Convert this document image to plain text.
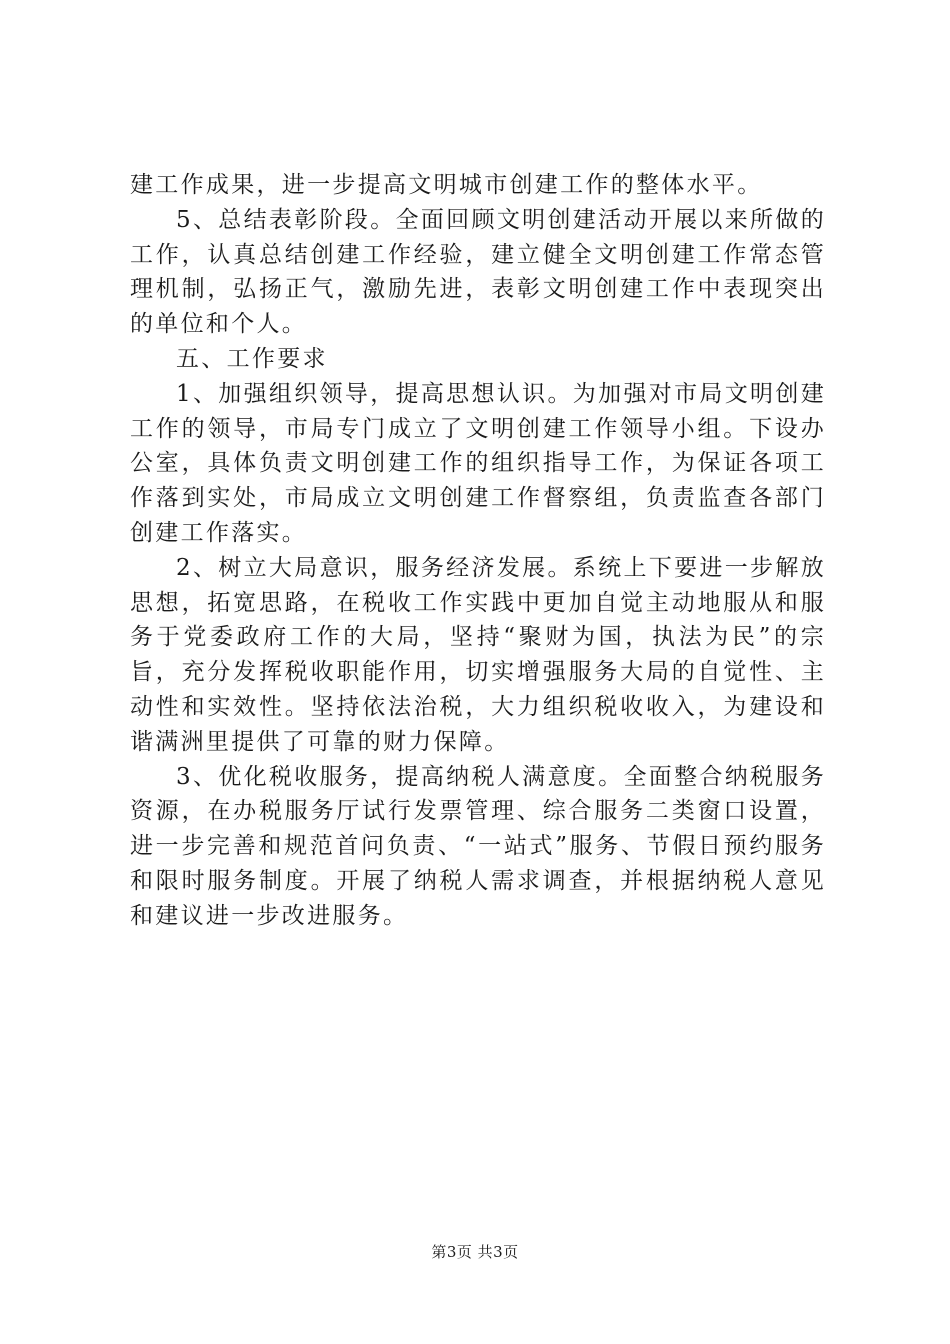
建工作成果，进一步提高文明城市创建工作的整体水平。

5、总结表彰阶段。全面回顾文明创建活动开展以来所做的工作，认真总结创建工作经验，建立健全文明创建工作常态管理机制，弘扬正气，激励先进，表彰文明创建工作中表现突出的单位和个人。

五、工作要求

1、加强组织领导，提高思想认识。为加强对市局文明创建工作的领导，市局专门成立了文明创建工作领导小组。下设办公室，具体负责文明创建工作的组织指导工作，为保证各项工作落到实处，市局成立文明创建工作督察组，负责监查各部门创建工作落实。

2、树立大局意识，服务经济发展。系统上下要进一步解放思想，拓宽思路，在税收工作实践中更加自觉主动地服从和服务于党委政府工作的大局，坚持“聚财为国，执法为民”的宗旨，充分发挥税收职能作用，切实增强服务大局的自觉性、主动性和实效性。坚持依法治税，大力组织税收收入，为建设和谐满洲里提供了可靠的财力保障。

3、优化税收服务，提高纳税人满意度。全面整合纳税服务资源，在办税服务厅试行发票管理、综合服务二类窗口设置，进一步完善和规范首问负责、“一站式”服务、节假日预约服务和限时服务制度。开展了纳税人需求调查，并根据纳税人意见和建议进一步改进服务。

第3页 共3页
